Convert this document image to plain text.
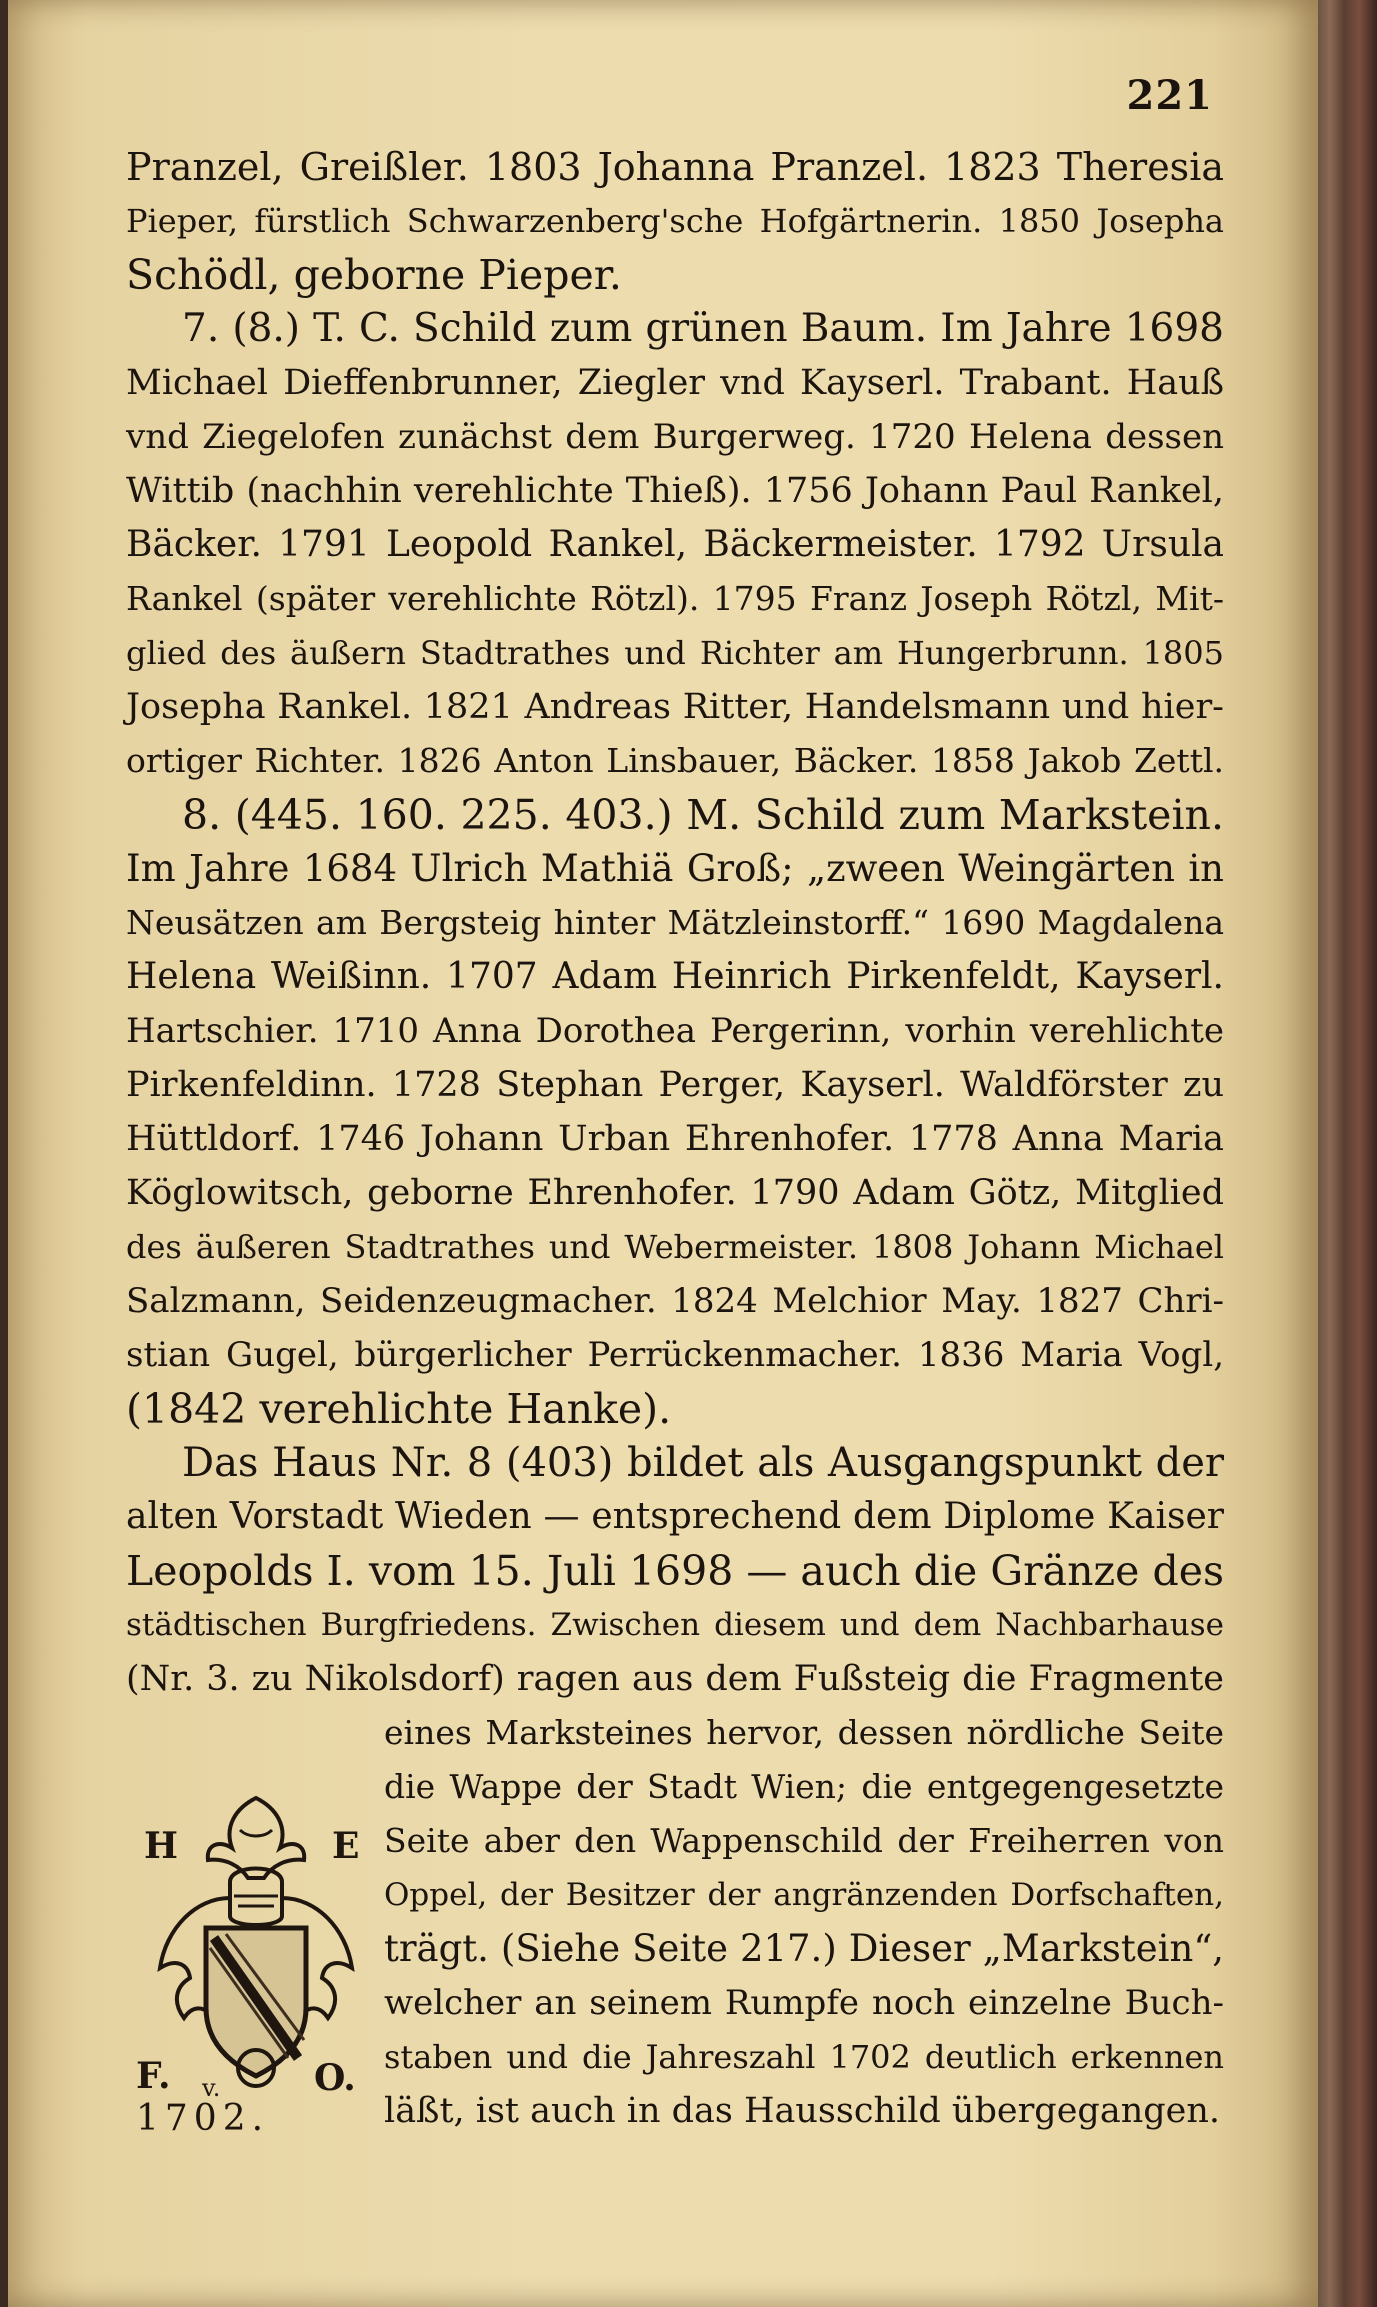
221
Pranzel, Greißler. 1803 Johanna Pranzel. 1823 Theresia
Pieper, fürstlich Schwarzenberg'sche Hofgärtnerin. 1850 Josepha
Schödl, geborne Pieper.
7. (8.) T. C. Schild zum grünen Baum. Im Jahre 1698
Michael Dieffenbrunner, Ziegler vnd Kayserl. Trabant. Hauß
vnd Ziegelofen zunächst dem Burgerweg. 1720 Helena dessen
Wittib (nachhin verehlichte Thieß). 1756 Johann Paul Rankel,
Bäcker. 1791 Leopold Rankel, Bäckermeister. 1792 Ursula
Rankel (später verehlichte Rötzl). 1795 Franz Joseph Rötzl, Mit-
glied des äußern Stadtrathes und Richter am Hungerbrunn. 1805
Josepha Rankel. 1821 Andreas Ritter, Handelsmann und hier-
ortiger Richter. 1826 Anton Linsbauer, Bäcker. 1858 Jakob Zettl.
8. (445. 160. 225. 403.) M. Schild zum Markstein.
Im Jahre 1684 Ulrich Mathiä Groß; „zween Weingärten in
Neusätzen am Bergsteig hinter Mätzleinstorff.“ 1690 Magdalena
Helena Weißinn. 1707 Adam Heinrich Pirkenfeldt, Kayserl.
Hartschier. 1710 Anna Dorothea Pergerinn, vorhin verehlichte
Pirkenfeldinn. 1728 Stephan Perger, Kayserl. Waldförster zu
Hüttldorf. 1746 Johann Urban Ehrenhofer. 1778 Anna Maria
Köglowitsch, geborne Ehrenhofer. 1790 Adam Götz, Mitglied
des äußeren Stadtrathes und Webermeister. 1808 Johann Michael
Salzmann, Seidenzeugmacher. 1824 Melchior May. 1827 Chri-
stian Gugel, bürgerlicher Perrückenmacher. 1836 Maria Vogl,
(1842 verehlichte Hanke).
Das Haus Nr. 8 (403) bildet als Ausgangspunkt der
alten Vorstadt Wieden — entsprechend dem Diplome Kaiser
Leopolds I. vom 15. Juli 1698 — auch die Gränze des
städtischen Burgfriedens. Zwischen diesem und dem Nachbarhause
(Nr. 3. zu Nikolsdorf) ragen aus dem Fußsteig die Fragmente
eines Marksteines hervor, dessen nördliche Seite
die Wappe der Stadt Wien; die entgegengesetzte
Seite aber den Wappenschild der Freiherren von
Oppel, der Besitzer der angränzenden Dorfschaften,
trägt. (Siehe Seite 217.) Dieser „Markstein“,
welcher an seinem Rumpfe noch einzelne Buch-
staben und die Jahreszahl 1702 deutlich erkennen
läßt, ist auch in das Hausschild übergegangen.
H	E
F. v.	O.
1702.
